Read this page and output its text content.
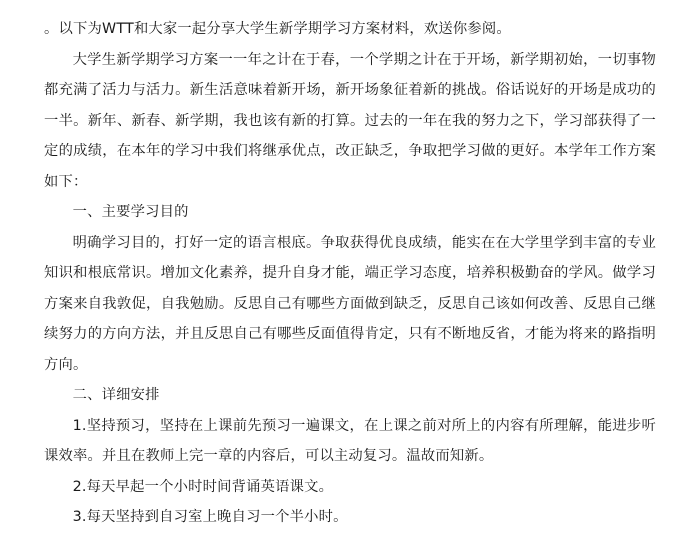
。以下为WTT和大家一起分享大学生新学期学习方案材料，欢送你参阅。

大学生新学期学习方案一一年之计在于春，一个学期之计在于开场，新学期初始，一切事物都充满了活力与活力。新生活意味着新开场，新开场象征着新的挑战。俗话说好的开场是成功的一半。新年、新春、新学期，我也该有新的打算。过去的一年在我的努力之下，学习部获得了一定的成绩，在本年的学习中我们将继承优点，改正缺乏，争取把学习做的更好。本学年工作方案如下：

一、主要学习目的

明确学习目的，打好一定的语言根底。争取获得优良成绩，能实在在大学里学到丰富的专业知识和根底常识。增加文化素养，提升自身才能，端正学习态度，培养积极勤奋的学风。做学习方案来自我敦促，自我勉励。反思自己有哪些方面做到缺乏，反思自己该如何改善、反思自己继续努力的方向方法，并且反思自己有哪些反面值得肯定，只有不断地反省，才能为将来的路指明方向。

二、详细安排

1.坚持预习，坚持在上课前先预习一遍课文，在上课之前对所上的内容有所理解，能进步听课效率。并且在教师上完一章的内容后，可以主动复习。温故而知新。

2.每天早起一个小时时间背诵英语课文。

3.每天坚持到自习室上晚自习一个半小时。
